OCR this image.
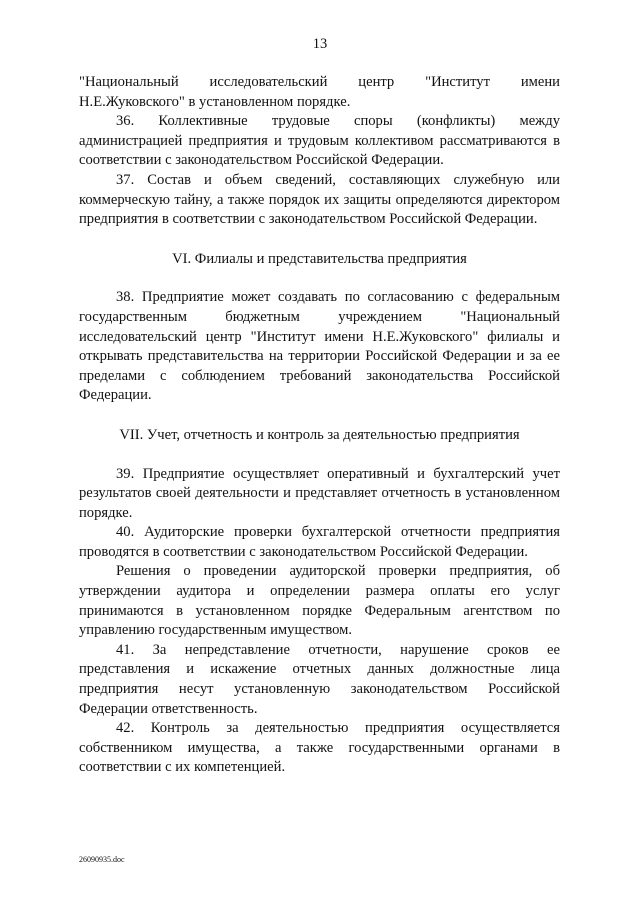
13

"Национальный исследовательский центр "Институт имени Н.Е.Жуковского" в установленном порядке.

36. Коллективные трудовые споры (конфликты) между администрацией предприятия и трудовым коллективом рассматриваются в соответствии с законодательством Российской Федерации.

37. Состав и объем сведений, составляющих служебную или коммерческую тайну, а также порядок их защиты определяются директором предприятия в соответствии с законодательством Российской Федерации.

VI. Филиалы и представительства предприятия

38. Предприятие может создавать по согласованию с федеральным государственным бюджетным учреждением "Национальный исследовательский центр "Институт имени Н.Е.Жуковского" филиалы и открывать представительства на территории Российской Федерации и за ее пределами с соблюдением требований законодательства Российской Федерации.

VII. Учет, отчетность и контроль за деятельностью предприятия

39. Предприятие осуществляет оперативный и бухгалтерский учет результатов своей деятельности и представляет отчетность в установленном порядке.

40. Аудиторские проверки бухгалтерской отчетности предприятия проводятся в соответствии с законодательством Российской Федерации.

Решения о проведении аудиторской проверки предприятия, об утверждении аудитора и определении размера оплаты его услуг принимаются в установленном порядке Федеральным агентством по управлению государственным имуществом.

41. За непредставление отчетности, нарушение сроков ее представления и искажение отчетных данных должностные лица предприятия несут установленную законодательством Российской Федерации ответственность.

42. Контроль за деятельностью предприятия осуществляется собственником имущества, а также государственными органами в соответствии с их компетенцией.

26090935.doc
